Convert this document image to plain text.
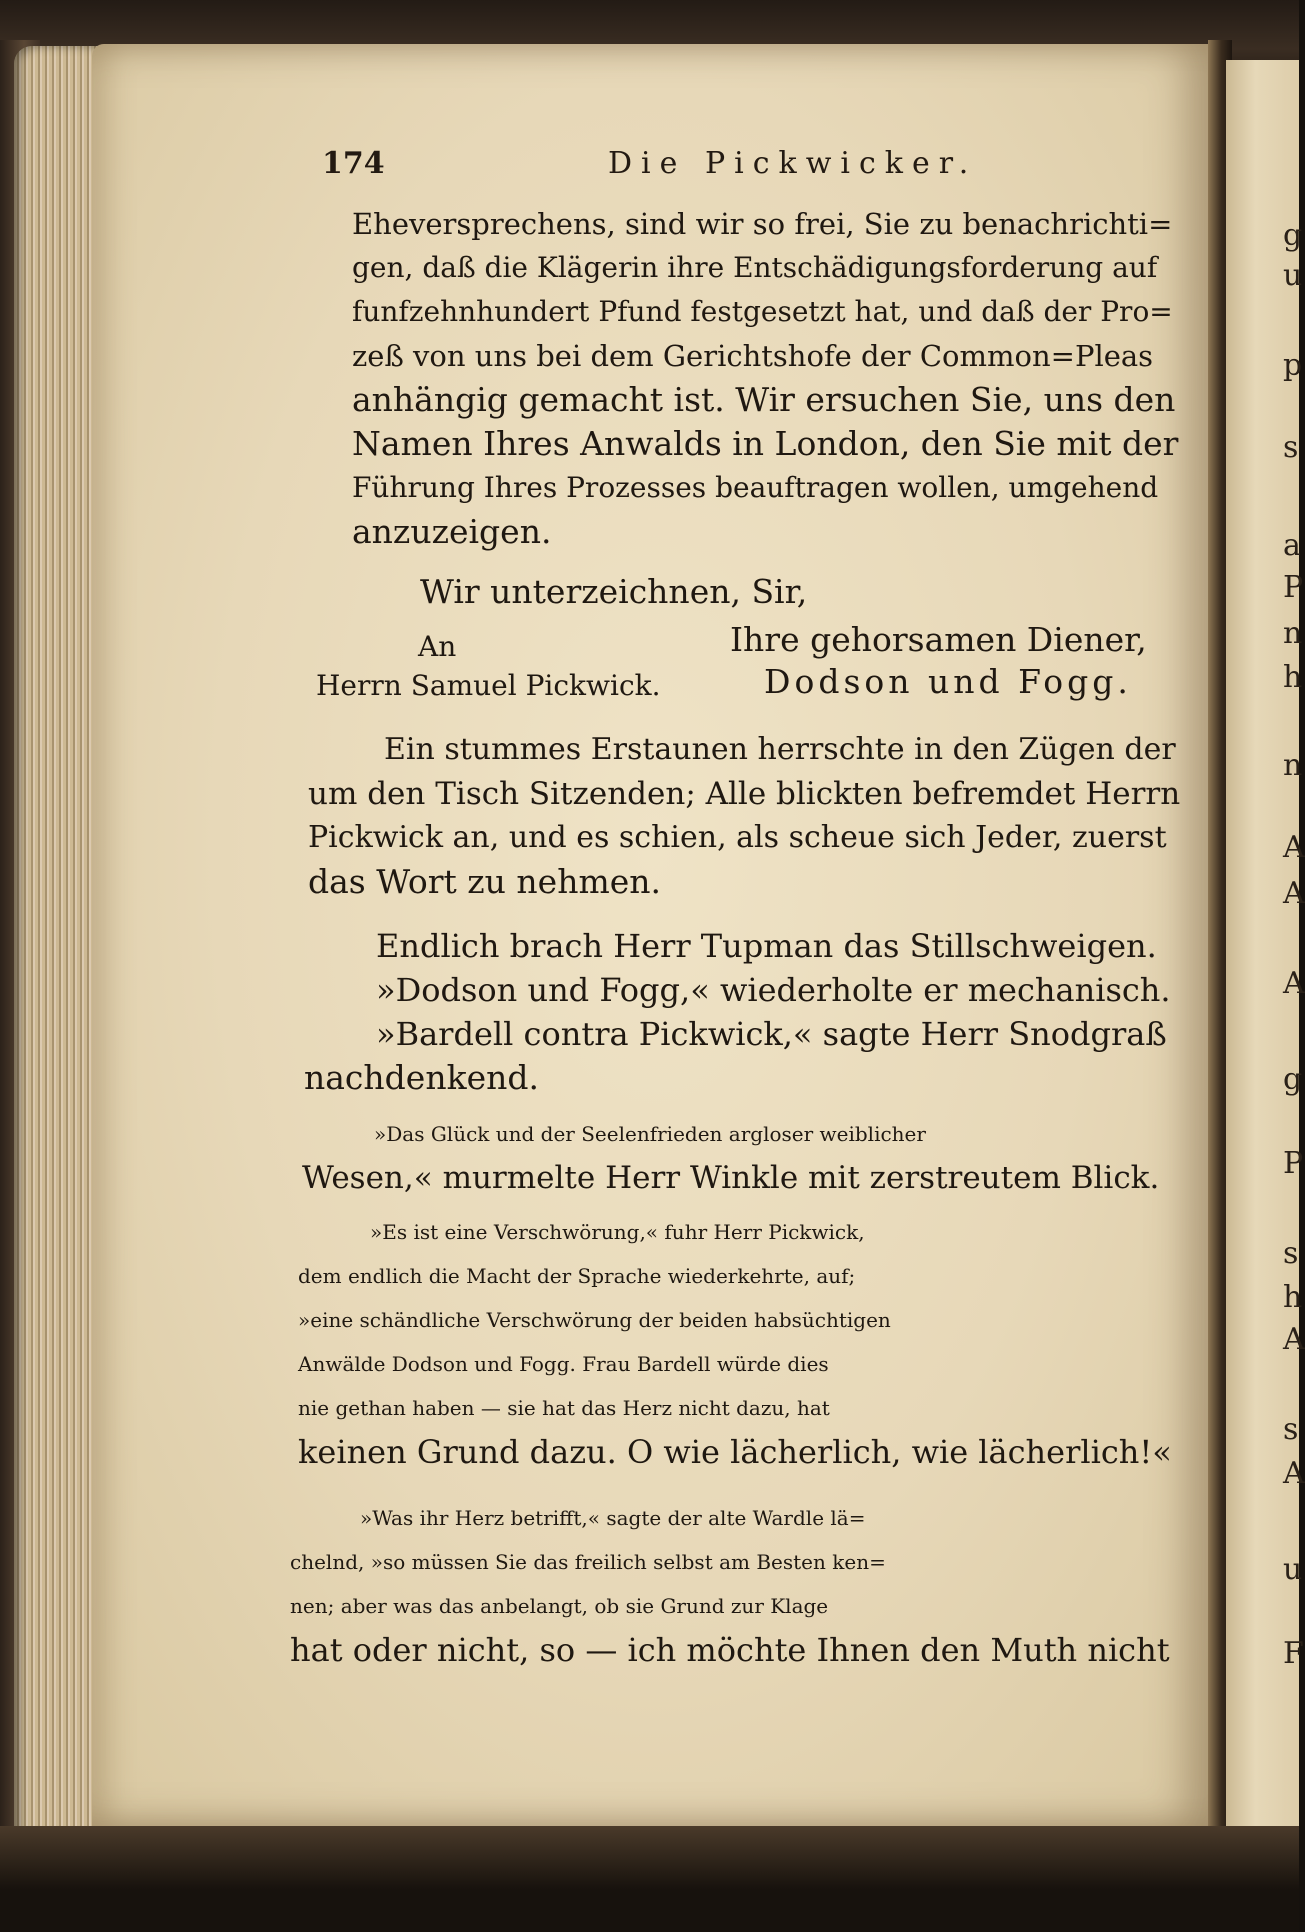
g
u
p
s
a
P
n
h
n
A
A
A
g
P
s
h
A
s
A
u
F
174	Die Pickwicker.
Eheversprechens, sind wir so frei, Sie zu benachrichti=
gen, daß die Klägerin ihre Entschädigungsforderung auf
funfzehnhundert Pfund festgesetzt hat, und daß der Pro=
zeß von uns bei dem Gerichtshofe der Common=Pleas
anhängig gemacht ist. Wir ersuchen Sie, uns den
Namen Ihres Anwalds in London, den Sie mit der
Führung Ihres Prozesses beauftragen wollen, umgehend
anzuzeigen.
Wir unterzeichnen, Sir,
An	Ihre gehorsamen Diener,
Herrn Samuel Pickwick.	Dodson und Fogg.
Ein stummes Erstaunen herrschte in den Zügen der
um den Tisch Sitzenden; Alle blickten befremdet Herrn
Pickwick an, und es schien, als scheue sich Jeder, zuerst
das Wort zu nehmen.
Endlich brach Herr Tupman das Stillschweigen.
»Dodson und Fogg,« wiederholte er mechanisch.
»Bardell contra Pickwick,« sagte Herr Snodgraß
nachdenkend.
»Das Glück und der Seelenfrieden argloser weiblicher
Wesen,« murmelte Herr Winkle mit zerstreutem Blick.
»Es ist eine Verschwörung,« fuhr Herr Pickwick,
dem endlich die Macht der Sprache wiederkehrte, auf;
»eine schändliche Verschwörung der beiden habsüchtigen
Anwälde Dodson und Fogg. Frau Bardell würde dies
nie gethan haben — sie hat das Herz nicht dazu, hat
keinen Grund dazu. O wie lächerlich, wie lächerlich!«
»Was ihr Herz betrifft,« sagte der alte Wardle lä=
chelnd, »so müssen Sie das freilich selbst am Besten ken=
nen; aber was das anbelangt, ob sie Grund zur Klage
hat oder nicht, so — ich möchte Ihnen den Muth nicht
